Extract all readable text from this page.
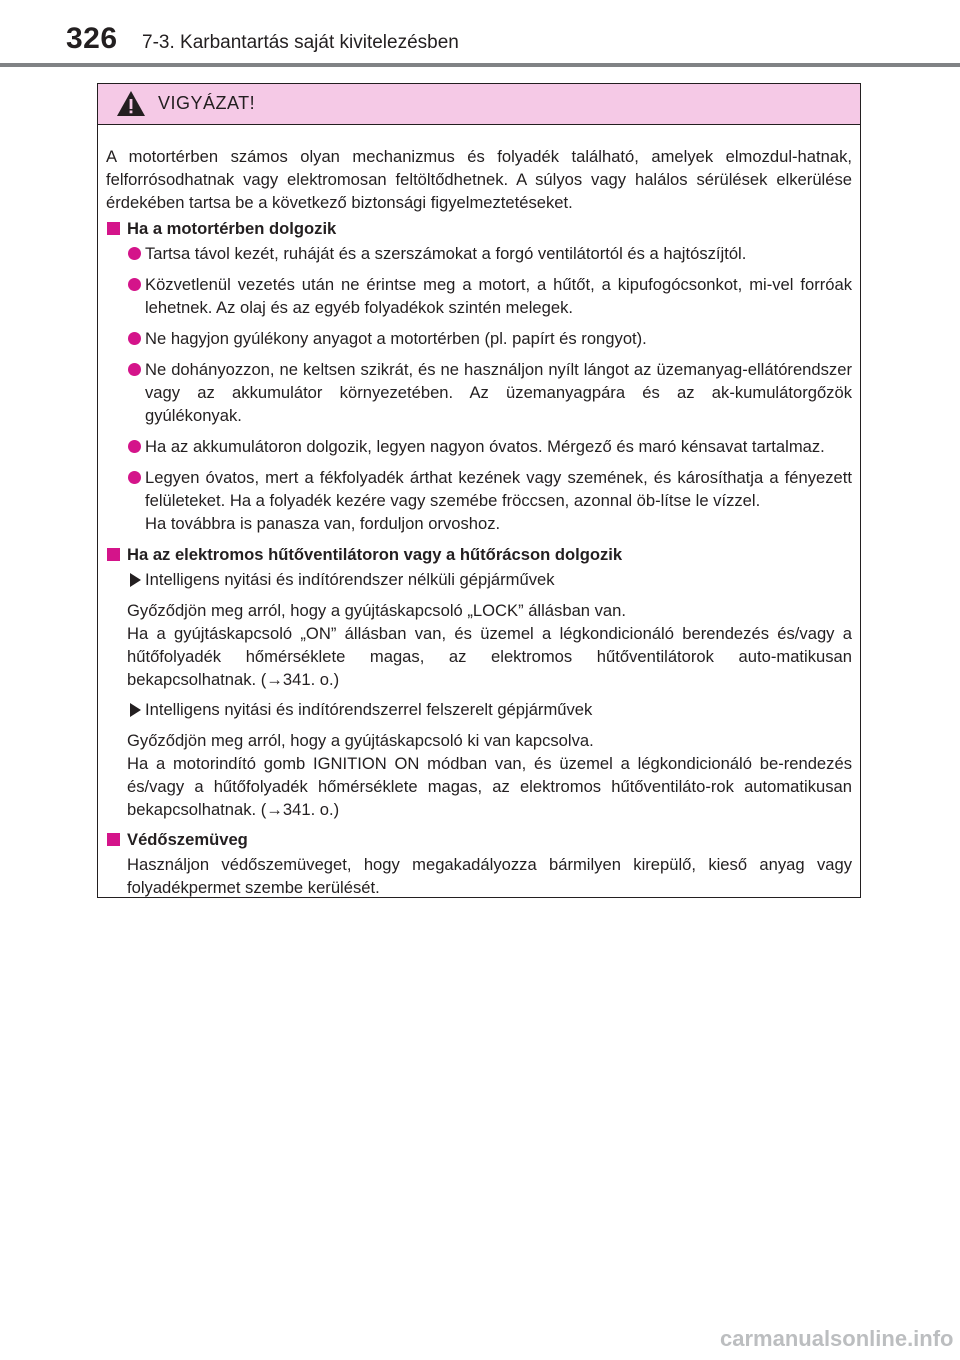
326 7-3. Karbantartás saját kivitelezésben
VIGYÁZAT!

A motortérben számos olyan mechanizmus és folyadék található, amelyek elmozdul-hatnak, felforrósodhatnak vagy elektromosan feltöltődhetnek. A súlyos vagy halálos sérülések elkerülése érdekében tartsa be a következő biztonsági figyelmeztetéseket.

Ha a motortérben dolgozik
Tartsa távol kezét, ruháját és a szerszámokat a forgó ventilátortól és a hajtószíjtól.
Közvetlenül vezetés után ne érintse meg a motort, a hűtőt, a kipufogócsonkot, mi-vel forróak lehetnek. Az olaj és az egyéb folyadékok szintén melegek.
Ne hagyjon gyúlékony anyagot a motortérben (pl. papírt és rongyot).
Ne dohányozzon, ne keltsen szikrát, és ne használjon nyílt lángot az üzemanyag-ellátórendszer vagy az akkumulátor környezetében. Az üzemanyagpára és az ak-kumulátorgőzök gyúlékonyak.
Ha az akkumulátoron dolgozik, legyen nagyon óvatos. Mérgező és maró kénsavat tartalmaz.
Legyen óvatos, mert a fékfolyadék árthat kezének vagy szemének, és károsíthatja a fényezett felületeket. Ha a folyadék kezére vagy szemébe fröccsen, azonnal öb-lítse le vízzel.
Ha továbbra is panasza van, forduljon orvoshoz.
Ha az elektromos hűtőventilátoron vagy a hűtőrácson dolgozik
Intelligens nyitási és indítórendszer nélküli gépjárművek
Győződjön meg arról, hogy a gyújtáskapcsoló „LOCK” állásban van.
Ha a gyújtáskapcsoló „ON” állásban van, és üzemel a légkondicionáló berendezés és/vagy a hűtőfolyadék hőmérséklete magas, az elektromos hűtőventilátorok auto-matikusan bekapcsolhatnak. (→341. o.)
Intelligens nyitási és indítórendszerrel felszerelt gépjárművek
Győződjön meg arról, hogy a gyújtáskapcsoló ki van kapcsolva.
Ha a motorindító gomb IGNITION ON módban van, és üzemel a légkondicionáló be-rendezés és/vagy a hűtőfolyadék hőmérséklete magas, az elektromos hűtőventiláto-rok automatikusan bekapcsolhatnak. (→341. o.)
Védőszemüveg
Használjon védőszemüveget, hogy megakadályozza bármilyen kirepülő, kieső anyag vagy folyadékpermet szembe kerülését.
carmanualsonline.info
